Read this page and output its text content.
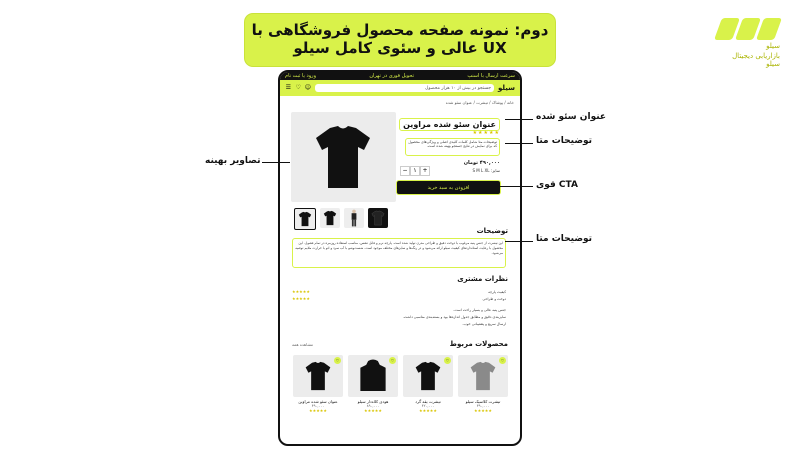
دوم: نمونه صفحه محصول فروشگاهی با
UX عالی و سئوی کامل سیلو	سیلو
بازاریابی دیجیتال سیلو
سرعت ارسال با اسنپ
تحویل فوری در تهران
ورود یا ثبت نام
سیلو
جستجو در بیش از ۱۰ هزار محصول
☺
♡
☰
خانه / پوشاک / تیشرت / عنوان سئو شده
عنوان سئو شده مراوین
★★★★★
توضیحات متا شامل کلمات کلیدی اصلی و ویژگی‌های محصول که برای نمایش در نتایج جستجو بهینه شده است.
۴۹۰,۰۰۰ تومان
سایز: S M L XL
− ۱ +
افزودن به سبد خرید
توضیحات
این تیشرت از جنس پنبه مرغوب با دوخت دقیق و طراحی مدرن تولید شده است. پارچه نرم و قابل تنفس، مناسب استفاده روزمره در تمام فصول. این محصول با رعایت استانداردهای کیفیت سیلو ارائه می‌شود و در رنگ‌ها و سایزهای مختلف موجود است. شست‌وشو با آب سرد و اتو با حرارت ملایم توصیه می‌شود.
نظرات مشتری
کیفیت پارچه
★★★★★
دوخت و طراحی
★★★★★
جنس پنبه عالی و بسیار راحت است.
سایزبندی دقیق و مطابق جدول اندازه‌ها بود و بسته‌بندی مناسبی داشت.
ارسال سریع و پشتیبانی خوب.
محصولات مربوط
مشاهده همه
♡
تیشرت کلاسیک سیلو
۳۹۰,۰۰۰
★★★★★
♡
تیشرت یقه گرد
۴۲۰,۰۰۰
★★★★★
♡
هودی کلاه‌دار سیلو
۸۹۰,۰۰۰
★★★★★
♡
عنوان سئو شده مراوین
۴۹۰,۰۰۰
★★★★★
عنوان سئو شده
توضیحات متا
CTA قوی
توضیحات متا
تصاویر بهینه
